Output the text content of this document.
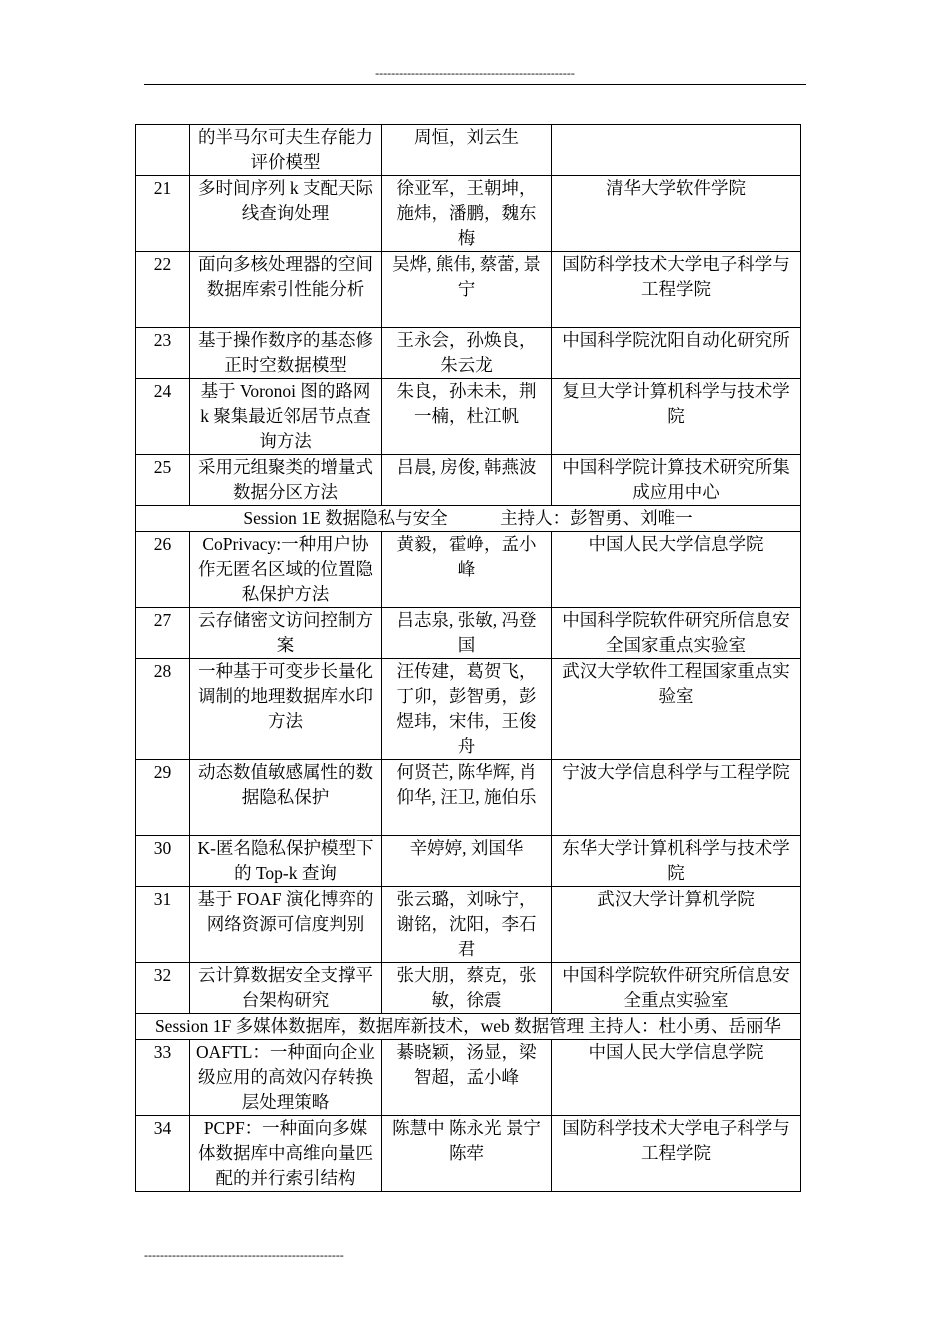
--------------------------------------------------
	的半马尔可夫生存能力评价模型	周恒，刘云生	
21	多时间序列 k 支配天际线查询处理	徐亚军，王朝坤，施炜，潘鹏，魏东梅	清华大学软件学院
22	面向多核处理器的空间数据库索引性能分析	吴烨, 熊伟, 蔡蕾, 景宁	国防科学技术大学电子科学与工程学院
23	基于操作数序的基态修正时空数据模型	王永会，孙焕良，朱云龙	中国科学院沈阳自动化研究所
24	基于 Voronoi 图的路网 k 聚集最近邻居节点查询方法	朱良，孙未未，荆一楠，杜江帆	复旦大学计算机科学与技术学院
25	采用元组聚类的增量式数据分区方法	吕晨, 房俊, 韩燕波	中国科学院计算技术研究所集成应用中心
Session 1E 数据隐私与安全　　　主持人：彭智勇、刘唯一			
26	CoPrivacy:一种用户协作无匿名区域的位置隐私保护方法	黄毅，霍峥，孟小峰	中国人民大学信息学院
27	云存储密文访问控制方案	吕志泉, 张敏, 冯登国	中国科学院软件研究所信息安全国家重点实验室
28	一种基于可变步长量化调制的地理数据库水印方法	汪传建，葛贺飞，丁卯，彭智勇，彭煜玮，宋伟，王俊舟	武汉大学软件工程国家重点实验室
29	动态数值敏感属性的数据隐私保护	何贤芒, 陈华辉, 肖仰华, 汪卫, 施伯乐	宁波大学信息科学与工程学院
30	K-匿名隐私保护模型下的 Top-k 查询	辛婷婷, 刘国华	东华大学计算机科学与技术学院
31	基于 FOAF 演化博弈的网络资源可信度判别	张云璐，刘咏宁，谢铭，沈阳，李石君	武汉大学计算机学院
32	云计算数据安全支撑平台架构研究	张大朋，蔡克，张敏，徐震	中国科学院软件研究所信息安全重点实验室
Session 1F 多媒体数据库，数据库新技术，web 数据管理 主持人：杜小勇、岳丽华			
33	OAFTL：一种面向企业级应用的高效闪存转换层处理策略	綦晓颖，汤显，梁智超，孟小峰	中国人民大学信息学院
34	PCPF：一种面向多媒体数据库中高维向量匹配的并行索引结构	陈慧中 陈永光 景宁 陈荦	国防科学技术大学电子科学与工程学院
--------------------------------------------------
